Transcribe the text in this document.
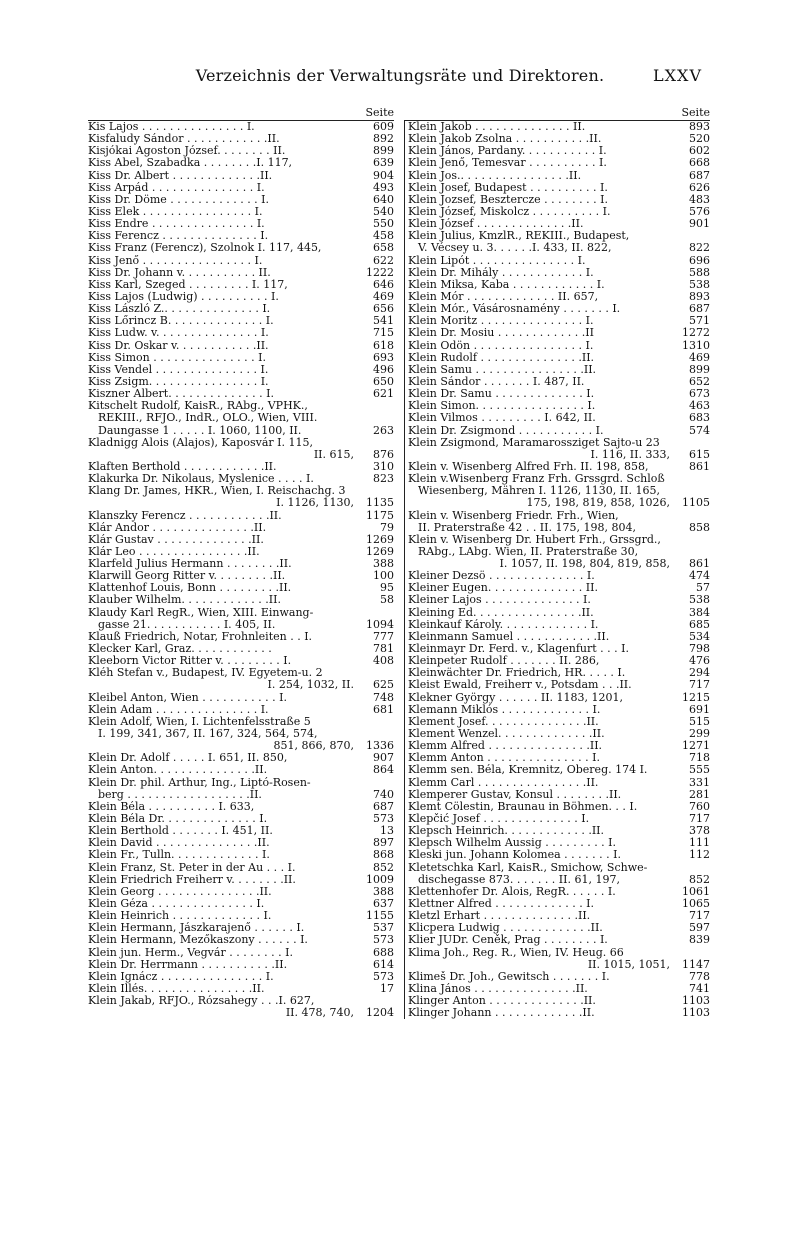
Verzeichnis der Verwaltungsräte und Direktoren.	LXXV
Seite
Kis Lajos . . . . . . . . . . . . . . . I.	609
Kisfaludy Sándor . . . . . . . . . . . .II.	892
Kisjókai Agoston József. . . . . . . . II.	899
Kiss Ábel, Szabadka . . . . . . . .I. 117,	639
Kiss Dr. Albert . . . . . . . . . . . . .II.	904
Kiss Arpád . . . . . . . . . . . . . . . I.	493
Kiss Dr. Döme . . . . . . . . . . . . . I.	640
Kiss Elek . . . . . . . . . . . . . . . . I.	540
Kiss Endre . . . . . . . . . . . . . . . I.	550
Kiss Ferencz . . . . . . . . . . . . . . I.	458
Kiss Franz (Ferencz), Szolnok I. 117, 445,	658
Kiss Jenő . . . . . . . . . . . . . . . . I.	622
Kiss Dr. Johann v. . . . . . . . . . . II.	1222
Kiss Karl, Szeged . . . . . . . . . I. 117,	646
Kiss Lajos (Ludwig) . . . . . . . . . . I.	469
Kiss László Z.. . . . . . . . . . . . . . I.	656
Kiss Lőrincz B. . . . . . . . . . . . . . I.	541
Kiss Ludw. v. . . . . . . . . . . . . . . I.	715
Kiss Dr. Oskar v. . . . . . . . . . . .II.	618
Kiss Simon . . . . . . . . . . . . . . . I.	693
Kiss Vendel . . . . . . . . . . . . . . . I.	496
Kiss Zsigm. . . . . . . . . . . . . . . . I.	650
Kiszner Albert. . . . . . . . . . . . . . I.	621
Kitschelt Rudolf, KaisR., RAbg., VPHK.,
REKIII., RFJO., IndR., OLO., Wien, VIII.
Daungasse 1 . . . . . I. 1060, 1100, II.	263
Kladnigg Alois (Alajos), Kaposvár I. 115,
II. 615,	876
Klaften Berthold . . . . . . . . . . . .II.	310
Klakurka Dr. Nikolaus, Myslenice . . . . I.	823
Klang Dr. James, HKR., Wien, I. Reischachg. 3
I. 1126, 1130,	1135
Klanszky Ferencz . . . . . . . . . . . .II.	1175
Klár Andor . . . . . . . . . . . . . . .II.	79
Klár Gustav . . . . . . . . . . . . . .II.	1269
Klár Leo . . . . . . . . . . . . . . . .II.	1269
Klarfeld Julius Hermann . . . . . . . .II.	388
Klarwill Georg Ritter v. . . . . . . . .II.	100
Klattenhof Louis, Bonn . . . . . . . . .II.	95
Klauber Wilhelm. . . . . . . . . . . . .II.	58
Klaudy Karl RegR., Wien, XIII. Einwang-
gasse 21. . . . . . . . . . . I. 405, II.	1094
Klauß Friedrich, Notar, Frohnleiten . . I.	777
Klecker Karl, Graz. . . . . . . . . . . .	781
Kleeborn Victor Ritter v. . . . . . . . . I.	408
Kléh Stefan v., Budapest, IV. Egyetem-u. 2
I. 254, 1032, II.	625
Kleibel Anton, Wien . . . . . . . . . . . I.	748
Klein Adam . . . . . . . . . . . . . . . I.	681
Klein Adolf, Wien, I. Lichtenfelsstraße 5
I. 199, 341, 367, II. 167, 324, 564, 574,
851, 866, 870,	1336
Klein Dr. Adolf . . . . . I. 651, II. 850,	907
Klein Anton. . . . . . . . . . . . . . .II.	864
Klein Dr. phil. Arthur, Ing., Liptó-Rosen-
berg . . . . . . . . . . . . . . . . . .II.	740
Klein Béla . . . . . . . . . . I. 633,	687
Klein Béla Dr. . . . . . . . . . . . . . I.	573
Klein Berthold . . . . . . . I. 451, II.	13
Klein David . . . . . . . . . . . . . . .II.	897
Klein Fr., Tulln. . . . . . . . . . . . . I.	868
Klein Franz, St. Peter in der Au . . . I.	852
Klein Friedrich Freiherr v. . . . . . . .II.	1009
Klein Georg . . . . . . . . . . . . . . .II.	388
Klein Géza . . . . . . . . . . . . . . . I.	637
Klein Heinrich . . . . . . . . . . . . . I.	1155
Klein Hermann, Jászkarajenő . . . . . . I.	537
Klein Hermann, Mezőkaszony . . . . . . I.	573
Klein jun. Herm., Vegvár . . . . . . . . I.	688
Klein Dr. Herrmann . . . . . . . . . . .II.	614
Klein Ignácz . . . . . . . . . . . . . . . I.	573
Klein Illés. . . . . . . . . . . . . . . .II.	17
Klein Jakab, RFJO., Rózsahegy . . .I. 627,
II. 478, 740,	1204
Seite
Klein Jakob . . . . . . . . . . . . . . II.	893
Klein Jakob Zsolna . . . . . . . . . . .II.	520
Klein János, Pardany. . . . . . . . . . . I.	602
Klein Jenő, Temesvar . . . . . . . . . . I.	668
Klein Jos.. . . . . . . . . . . . . . . .II.	687
Klein Josef, Budapest . . . . . . . . . . I.	626
Klein Jozsef, Beszterczе . . . . . . . . I.	483
Klein József, Miskolcz . . . . . . . . . . I.	576
Klein József . . . . . . . . . . . . . .II.	901
Klein Julius, KmzlR., REKIII., Budapest,
V. Vécsey u. 3. . . . . .I. 433, II. 822,	822
Klein Lipót . . . . . . . . . . . . . . . I.	696
Klein Dr. Mihály . . . . . . . . . . . . I.	588
Klein Miksa, Kaba . . . . . . . . . . . . I.	538
Klein Mór . . . . . . . . . . . . . II. 657,	893
Klein Mór., Vásárosnamény . . . . . . . I.	687
Klein Moritz . . . . . . . . . . . . . . . I.	571
Klein Dr. Mosiu . . . . . . . . . . . . .II	1272
Klein Ödön . . . . . . . . . . . . . . . . I.	1310
Klein Rudolf . . . . . . . . . . . . . . .II.	469
Klein Samu . . . . . . . . . . . . . . . .II.	899
Klein Sándor . . . . . . . I. 487, II.	652
Klein Dr. Samu . . . . . . . . . . . . . I.	673
Klein Simon. . . . . . . . . . . . . . . . I.	463
Klein Vilmos . . . . . . . . . I. 642, II.	683
Klein Dr. Zsigmond . . . . . . . . . . . I.	574
Klein Zsigmond, Maramarossziget Sajto-u 23
I. 116, II. 333,	615
Klein v. Wisenberg Alfred Frh. II. 198, 858,	861
Klein v.Wisenberg Franz Frh. Grssgrd. Schloß
Wiesenberg, Mähren I. 1126, 1130, II. 165,
175, 198, 819, 858, 1026,	1105
Klein v. Wisenberg Friedr. Frh., Wien,
II. Praterstraße 42 . . II. 175, 198, 804,	858
Klein v. Wisenberg Dr. Hubert Frh., Grssgrd.,
RAbg., LAbg. Wien, II. Praterstraße 30,
I. 1057, II. 198, 804, 819, 858,	861
Kleiner Dezsö . . . . . . . . . . . . . . I.	474
Kleiner Eugen. . . . . . . . . . . . . . II.	57
Kleiner Lajos . . . . . . . . . . . . . . I.	538
Kleining Ed. . . . . . . . . . . . . . . .II.	384
Kleinkauf Károly. . . . . . . . . . . . . I.	685
Kleinmann Samuel . . . . . . . . . . . .II.	534
Kleinmayr Dr. Ferd. v., Klagenfurt . . . I.	798
Kleinpeter Rudolf . . . . . . . II. 286,	476
Kleinwächter Dr. Friedrich, HR. . . . . I.	294
Kleist Ewald, Freiherr v., Potsdam . . .II.	717
Klekner György . . . . . . II. 1183, 1201,	1215
Klemann Miklós . . . . . . . . . . . . . I.	691
Klement Josef. . . . . . . . . . . . . . .II.	515
Klement Wenzel. . . . . . . . . . . . . .II.	299
Klemm Alfred . . . . . . . . . . . . . . .II.	1271
Klemm Anton . . . . . . . . . . . . . . . I.	718
Klemm sen. Béla, Kremnitz, Obereg. 174 I.	555
Klemm Carl . . . . . . . . . . . . . . . .II.	331
Klemperer Gustav, Konsul . . . . . . . .II.	281
Klemt Cölestin, Braunau in Böhmen. . . I.	760
Klepčić Josef . . . . . . . . . . . . . . I.	717
Klepsch Heinrich. . . . . . . . . . . . .II.	378
Klepsch Wilhelm Aussig . . . . . . . . . I.	111
Kleski jun. Johann Kolomea . . . . . . . I.	112
Kletetschka Karl, KaisR., Smichow, Schwe-
dischegasse 873. . . . . . . II. 61, 197,	852
Klettenhofer Dr. Alois, RegR. . . . . . I.	1061
Klettner Alfred . . . . . . . . . . . . . I.	1065
Kletzl Erhart . . . . . . . . . . . . . .II.	717
Klicpera Ludwig . . . . . . . . . . . . .II.	597
Klier JUDr. Čeněk, Prag . . . . . . . . I.	839
Klima Joh., Reg. R., Wien, IV. Heug. 66
II. 1015, 1051,	1147
Klimeš Dr. Joh., Gewitsch . . . . . . . I.	778
Klina János . . . . . . . . . . . . . . .II.	741
Klinger Anton . . . . . . . . . . . . . .II.	1103
Klinger Johann . . . . . . . . . . . . .II.	1103
